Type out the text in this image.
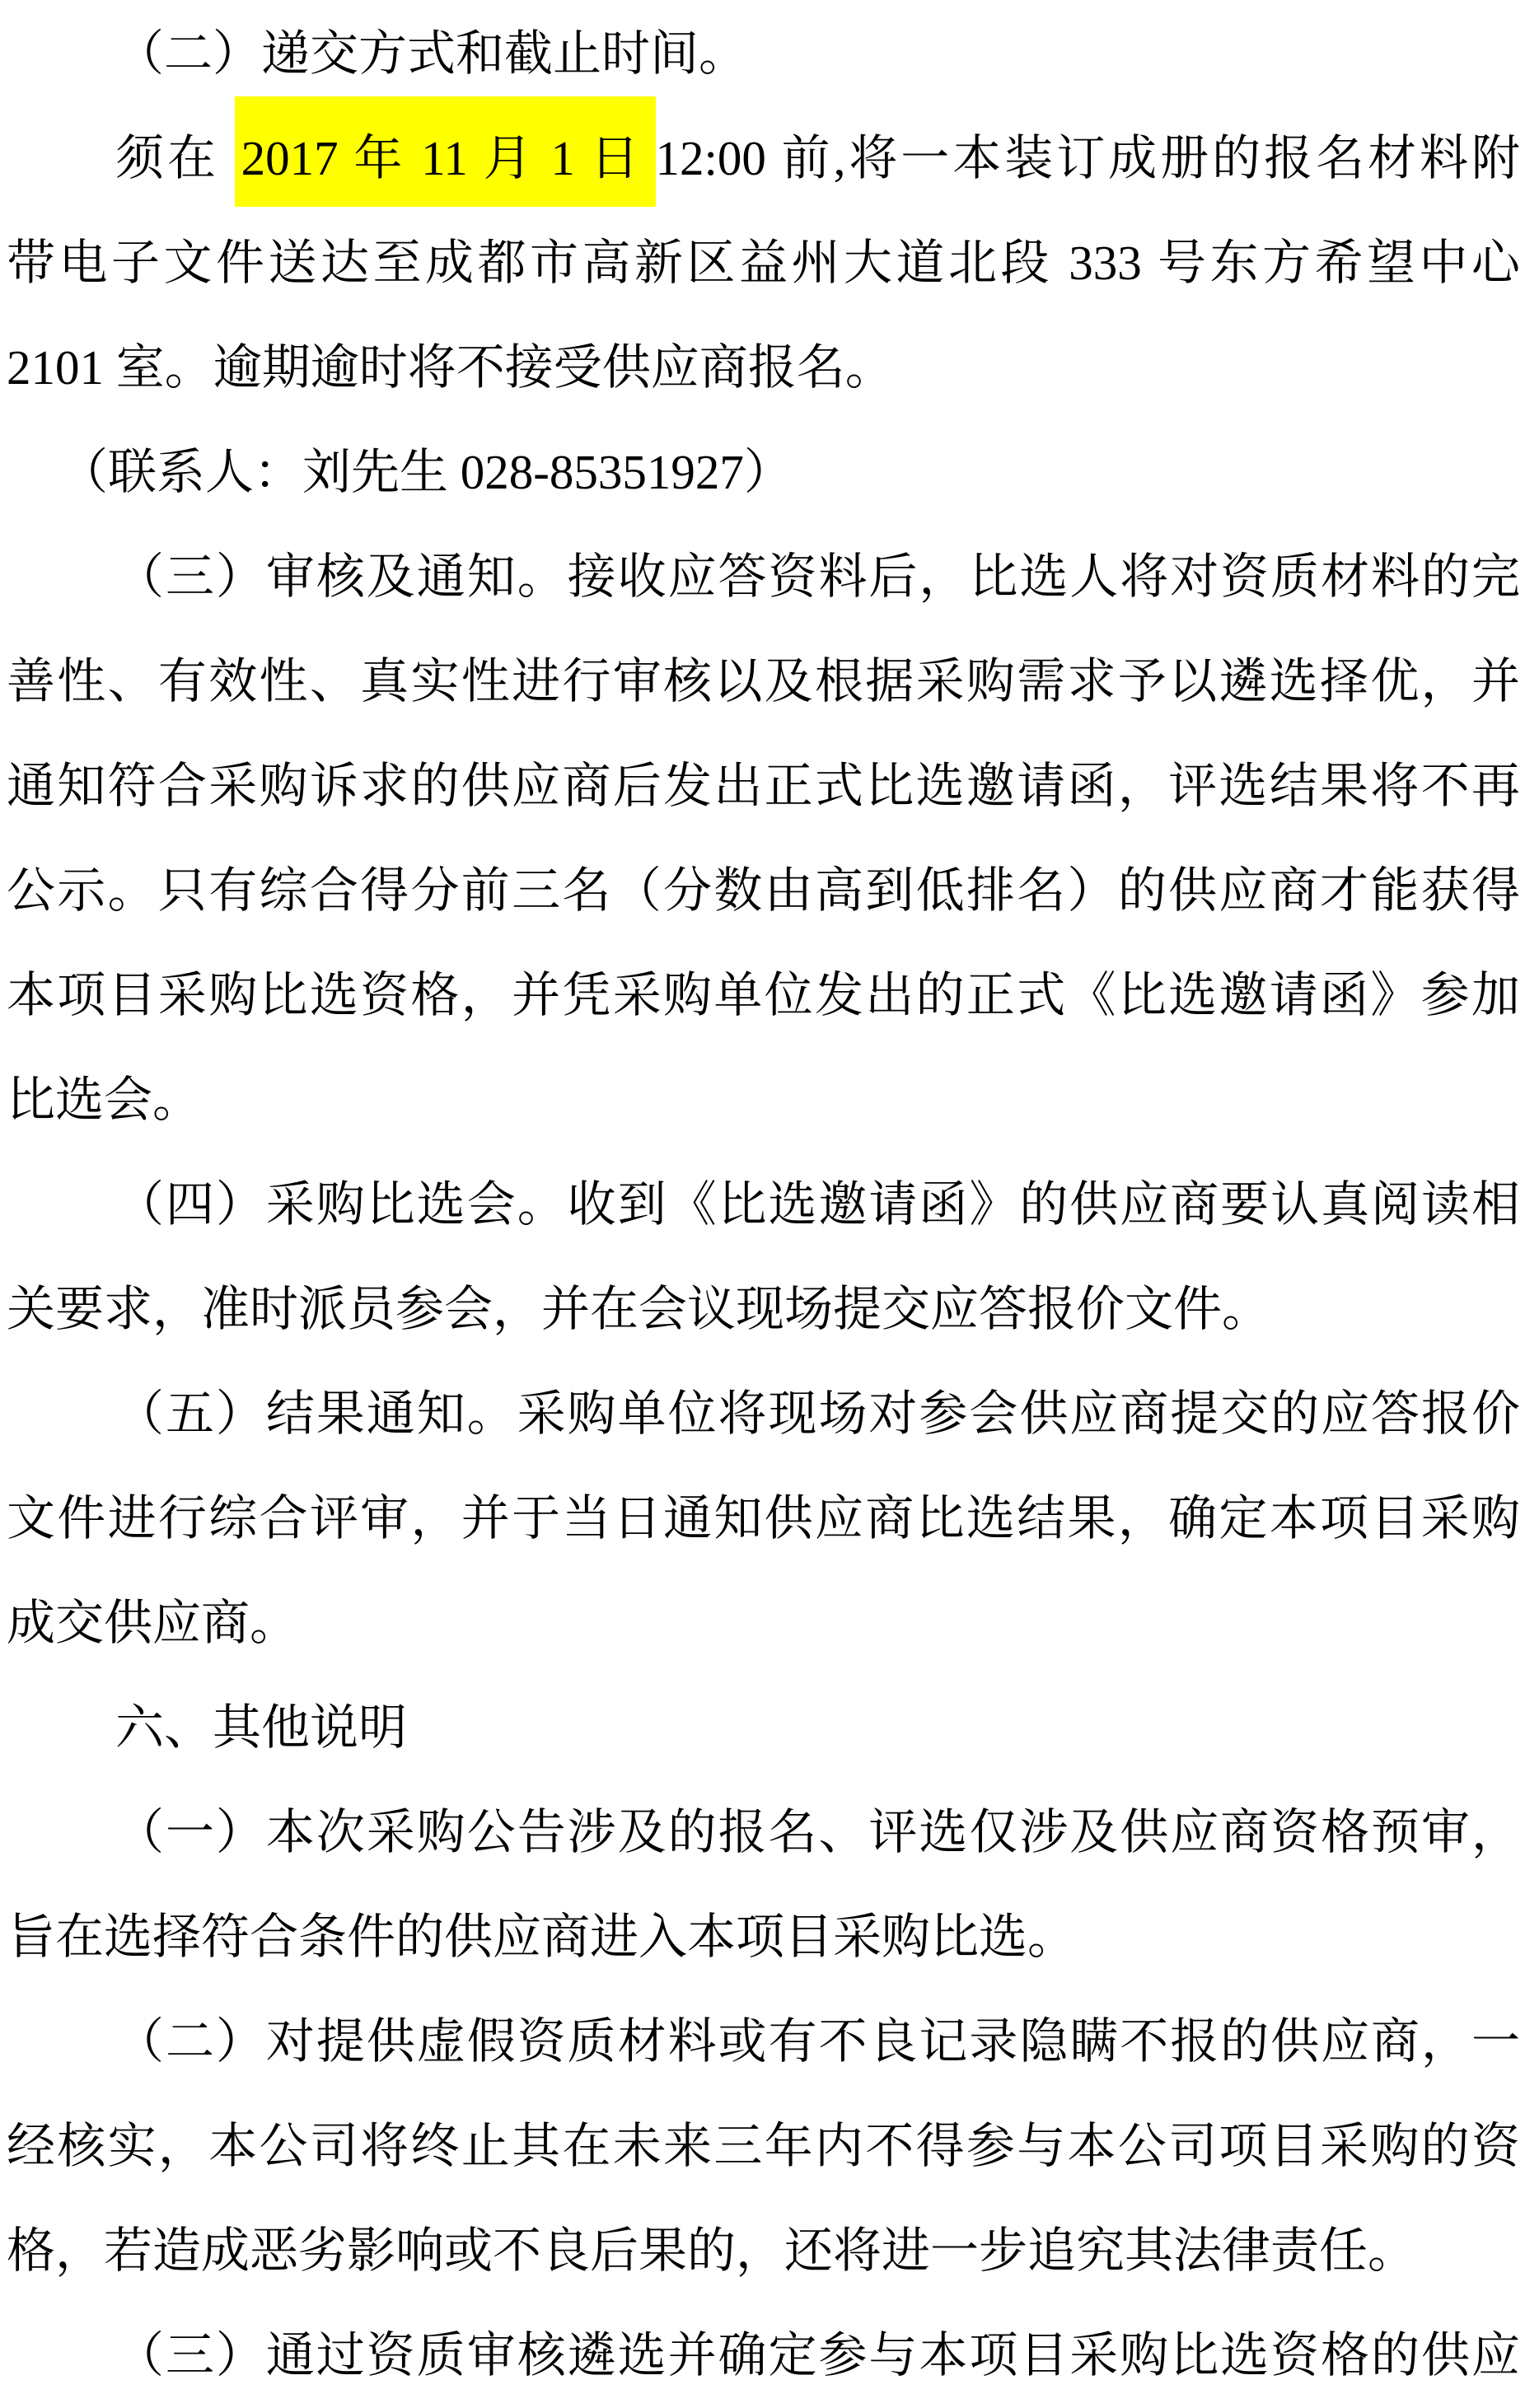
（二）递交方式和截止时间。
须在 2017 年 11 月 1 日 12:00 前,将一本装订成册的报名材料附
带电子文件送达至成都市高新区益州大道北段 333 号东方希望中心
2101 室。逾期逾时将不接受供应商报名。
（联系人：刘先生 028-85351927）
（三）审核及通知。接收应答资料后，比选人将对资质材料的完
善性、有效性、真实性进行审核以及根据采购需求予以遴选择优，并
通知符合采购诉求的供应商后发出正式比选邀请函，评选结果将不再
公示。只有综合得分前三名（分数由高到低排名）的供应商才能获得
本项目采购比选资格，并凭采购单位发出的正式《比选邀请函》参加
比选会。
（四）采购比选会。收到《比选邀请函》的供应商要认真阅读相
关要求，准时派员参会，并在会议现场提交应答报价文件。
（五）结果通知。采购单位将现场对参会供应商提交的应答报价
文件进行综合评审，并于当日通知供应商比选结果，确定本项目采购
成交供应商。
六、其他说明
（一）本次采购公告涉及的报名、评选仅涉及供应商资格预审，
旨在选择符合条件的供应商进入本项目采购比选。
（二）对提供虚假资质材料或有不良记录隐瞒不报的供应商，一
经核实，本公司将终止其在未来三年内不得参与本公司项目采购的资
格，若造成恶劣影响或不良后果的，还将进一步追究其法律责任。
（三）通过资质审核遴选并确定参与本项目采购比选资格的供应
